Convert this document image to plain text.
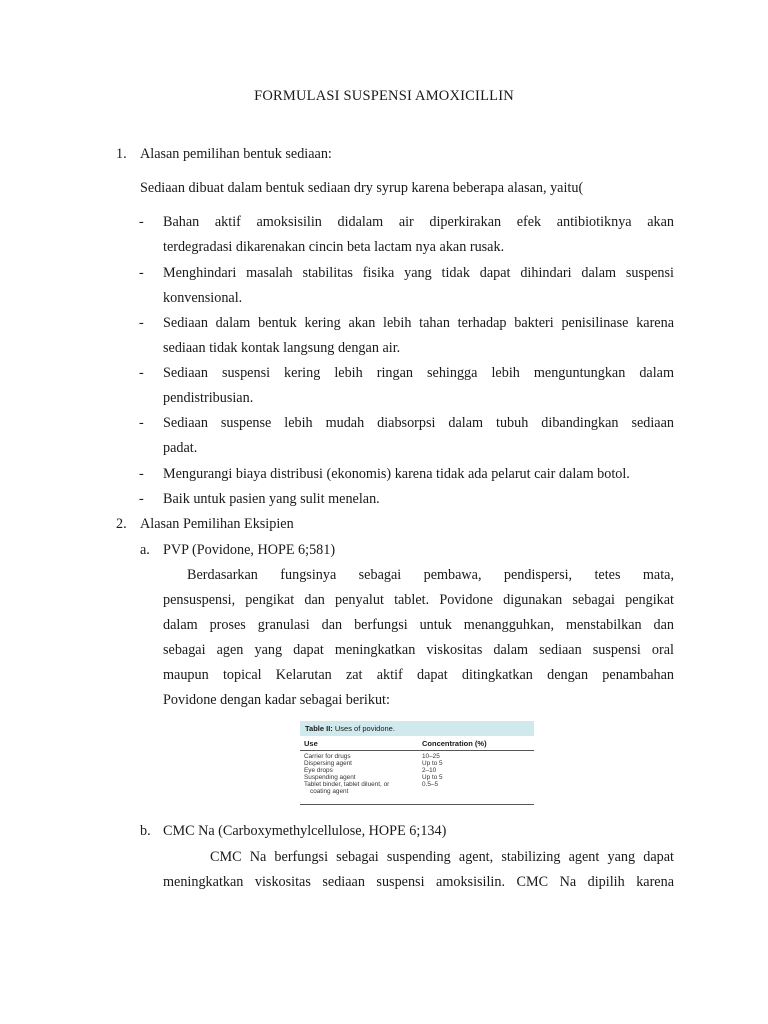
FORMULASI SUSPENSI AMOXICILLIN
1. Alasan pemilihan bentuk sediaan:
Sediaan dibuat dalam bentuk sediaan dry syrup karena beberapa alasan, yaitu(
- Bahan aktif amoksisilin didalam air diperkirakan efek antibiotiknya akan
terdegradasi dikarenakan cincin beta lactam nya akan rusak.
- Menghindari masalah stabilitas fisika yang tidak dapat dihindari dalam suspensi
konvensional.
- Sediaan dalam bentuk kering akan lebih tahan terhadap bakteri penisilinase karena
sediaan tidak kontak langsung dengan air.
- Sediaan suspensi kering lebih ringan sehingga lebih menguntungkan dalam
pendistribusian.
- Sediaan suspense lebih mudah diabsorpsi dalam tubuh dibandingkan sediaan
padat.
- Mengurangi biaya distribusi (ekonomis) karena tidak ada pelarut cair dalam botol.
- Baik untuk pasien yang sulit menelan.
2. Alasan Pemilihan Eksipien
a. PVP (Povidone, HOPE 6;581)
Berdasarkan fungsinya sebagai pembawa, pendispersi, tetes mata,
pensuspensi, pengikat dan penyalut tablet. Povidone digunakan sebagai pengikat
dalam proses granulasi dan berfungsi untuk menangguhkan, menstabilkan dan
sebagai agen yang dapat meningkatkan viskositas dalam sediaan suspensi oral
maupun topical Kelarutan zat aktif dapat ditingkatkan dengan penambahan
Povidone dengan kadar sebagai berikut:
Table II: Uses of povidone.
Use	Concentration (%)
Carrier for drugs	10–25
Dispersing agent	Up to 5
Eye drops	2–10
Suspending agent	Up to 5
Tablet binder, tablet diluent, or	0.5–5
coating agent
b. CMC Na (Carboxymethylcellulose, HOPE 6;134)
CMC Na berfungsi sebagai suspending agent, stabilizing agent yang dapat
meningkatkan viskositas sediaan suspensi amoksisilin. CMC Na dipilih karena
